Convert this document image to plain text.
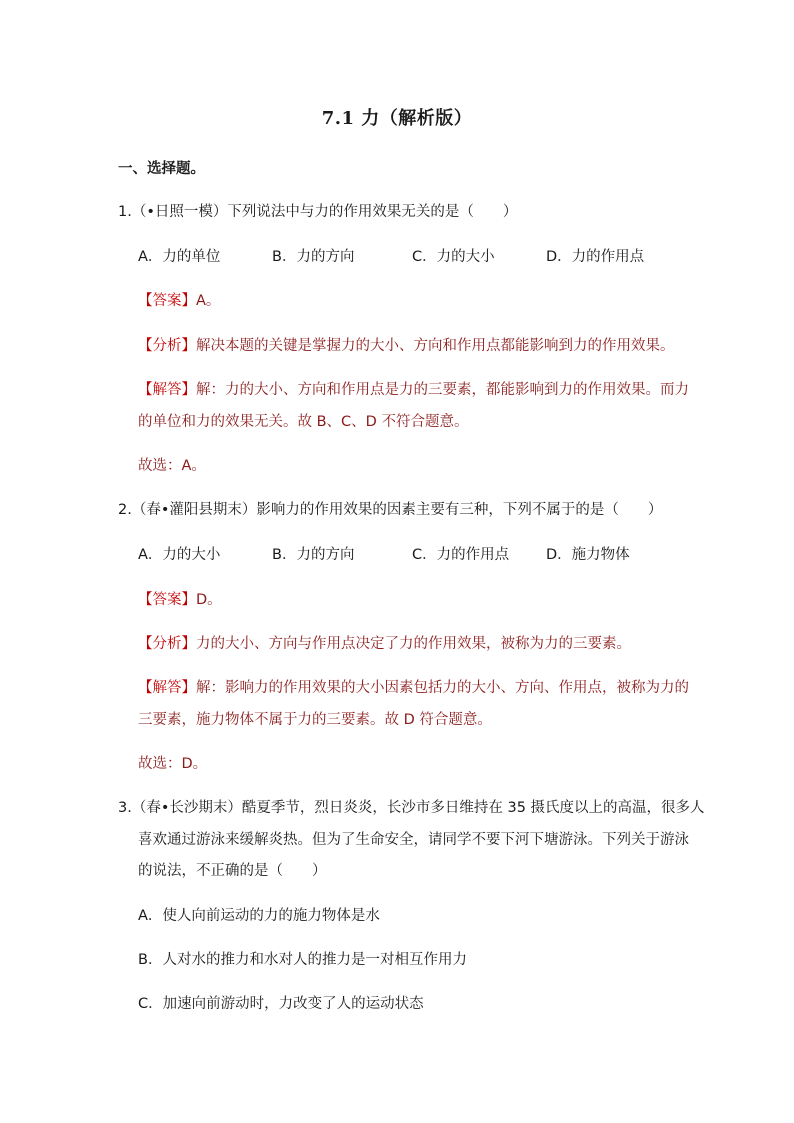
7.1 力（解析版）
一、选择题。
1.（•日照一模）下列说法中与力的作用效果无关的是（　　）
A．力的单位	B．力的方向	C．力的大小	D．力的作用点
【答案】A。
【分析】解决本题的关键是掌握力的大小、方向和作用点都能影响到力的作用效果。
【解答】解：力的大小、方向和作用点是力的三要素，都能影响到力的作用效果。而力
的单位和力的效果无关。故 B、C、D 不符合题意。
故选：A。
2.（春•灌阳县期末）影响力的作用效果的因素主要有三种，下列不属于的是（　　）
A．力的大小	B．力的方向	C．力的作用点	D．施力物体
【答案】D。
【分析】力的大小、方向与作用点决定了力的作用效果，被称为力的三要素。
【解答】解：影响力的作用效果的大小因素包括力的大小、方向、作用点，被称为力的
三要素，施力物体不属于力的三要素。故 D 符合题意。
故选：D。
3.（春•长沙期末）酷夏季节，烈日炎炎，长沙市多日维持在 35 摄氏度以上的高温，很多人
喜欢通过游泳来缓解炎热。但为了生命安全，请同学不要下河下塘游泳。下列关于游泳
的说法，不正确的是（　　）
A．使人向前运动的力的施力物体是水
B．人对水的推力和水对人的推力是一对相互作用力
C．加速向前游动时，力改变了人的运动状态
